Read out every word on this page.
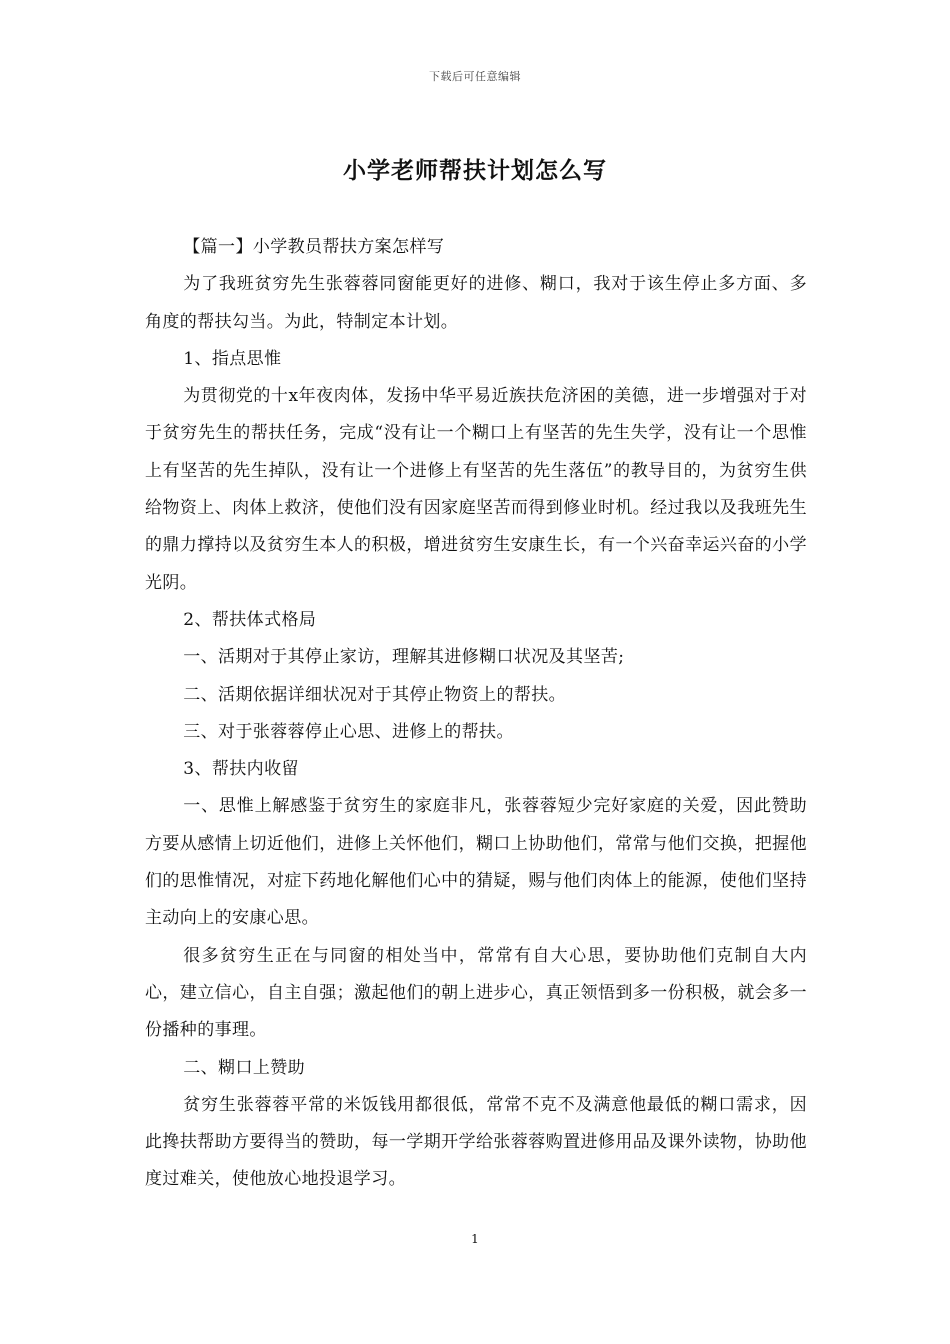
下载后可任意编辑
小学老师帮扶计划怎么写

【篇一】小学教员帮扶方案怎样写

为了我班贫穷先生张蓉蓉同窗能更好的进修、糊口，我对于该生停止多方面、多角度的帮扶勾当。为此，特制定本计划。

1、指点思惟

为贯彻党的十x年夜肉体，发扬中华平易近族扶危济困的美德，进一步增强对于对于贫穷先生的帮扶任务，完成“没有让一个糊口上有坚苦的先生失学，没有让一个思惟上有坚苦的先生掉队，没有让一个进修上有坚苦的先生落伍”的教导目的，为贫穷生供给物资上、肉体上救济，使他们没有因家庭坚苦而得到修业时机。经过我以及我班先生的鼎力撑持以及贫穷生本人的积极，增进贫穷生安康生长，有一个兴奋幸运兴奋的小学光阴。

2、帮扶体式格局

一、活期对于其停止家访，理解其进修糊口状况及其坚苦;

二、活期依据详细状况对于其停止物资上的帮扶。

三、对于张蓉蓉停止心思、进修上的帮扶。

3、帮扶内收留

一、思惟上解感鉴于贫穷生的家庭非凡，张蓉蓉短少完好家庭的关爱，因此赞助方要从感情上切近他们，进修上关怀他们，糊口上协助他们，常常与他们交换，把握他们的思惟情况，对症下药地化解他们心中的猜疑，赐与他们肉体上的能源，使他们坚持主动向上的安康心思。

很多贫穷生正在与同窗的相处当中，常常有自大心思，要协助他们克制自大内心，建立信心，自主自强；激起他们的朝上进步心，真正领悟到多一份积极，就会多一份播种的事理。

二、糊口上赞助

贫穷生张蓉蓉平常的米饭钱用都很低，常常不克不及满意他最低的糊口需求，因此搀扶帮助方要得当的赞助，每一学期开学给张蓉蓉购置进修用品及课外读物，协助他度过难关，使他放心地投退学习。

1
